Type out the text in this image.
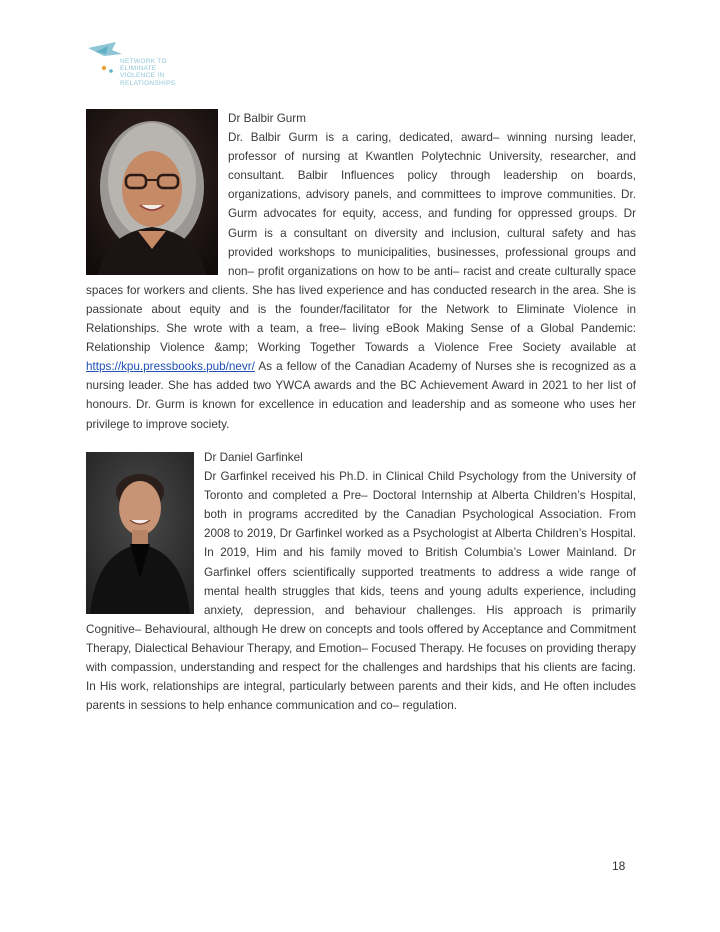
NETWORK TO
ELIMINATE
VIOLENCE IN
RELATIONSHIPS
Dr Balbir Gurm
Dr. Balbir Gurm is a caring, dedicated, award– winning nursing leader, professor of nursing at Kwantlen Polytechnic University, researcher, and consultant. Balbir Influences policy through leadership on boards, organizations, advisory panels, and committees to improve communities. Dr. Gurm advocates for equity, access, and funding for oppressed groups. Dr Gurm is a consultant on diversity and inclusion, cultural safety and has provided workshops to municipalities, businesses, professional groups and non– profit organizations on how to be anti– racist and create culturally space spaces for workers and clients. She has lived experience and has conducted research in the area. She is passionate about equity and is the founder/facilitator for the Network to Eliminate Violence in Relationships. She wrote with a team, a free– living eBook Making Sense of a Global Pandemic: Relationship Violence &amp; Working Together Towards a Violence Free Society available at https://kpu.pressbooks.pub/nevr/ As a fellow of the Canadian Academy of Nurses she is recognized as a nursing leader. She has added two YWCA awards and the BC Achievement Award in 2021 to her list of honours. Dr. Gurm is known for excellence in education and leadership and as someone who uses her privilege to improve society.
Dr Daniel Garfinkel
Dr Garfinkel received his Ph.D. in Clinical Child Psychology from the University of Toronto and completed a Pre– Doctoral Internship at Alberta Children’s Hospital, both in programs accredited by the Canadian Psychological Association. From 2008 to 2019, Dr Garfinkel worked as a Psychologist at Alberta Children’s Hospital. In 2019, Him and his family moved to British Columbia’s Lower Mainland. Dr Garfinkel offers scientifically supported treatments to address a wide range of mental health struggles that kids, teens and young adults experience, including anxiety, depression, and behaviour challenges. His approach is primarily Cognitive– Behavioural, although He drew on concepts and tools offered by Acceptance and Commitment Therapy, Dialectical Behaviour Therapy, and Emotion– Focused Therapy. He focuses on providing therapy with compassion, understanding and respect for the challenges and hardships that his clients are facing. In His work, relationships are integral, particularly between parents and their kids, and He often includes parents in sessions to help enhance communication and co– regulation.
18
